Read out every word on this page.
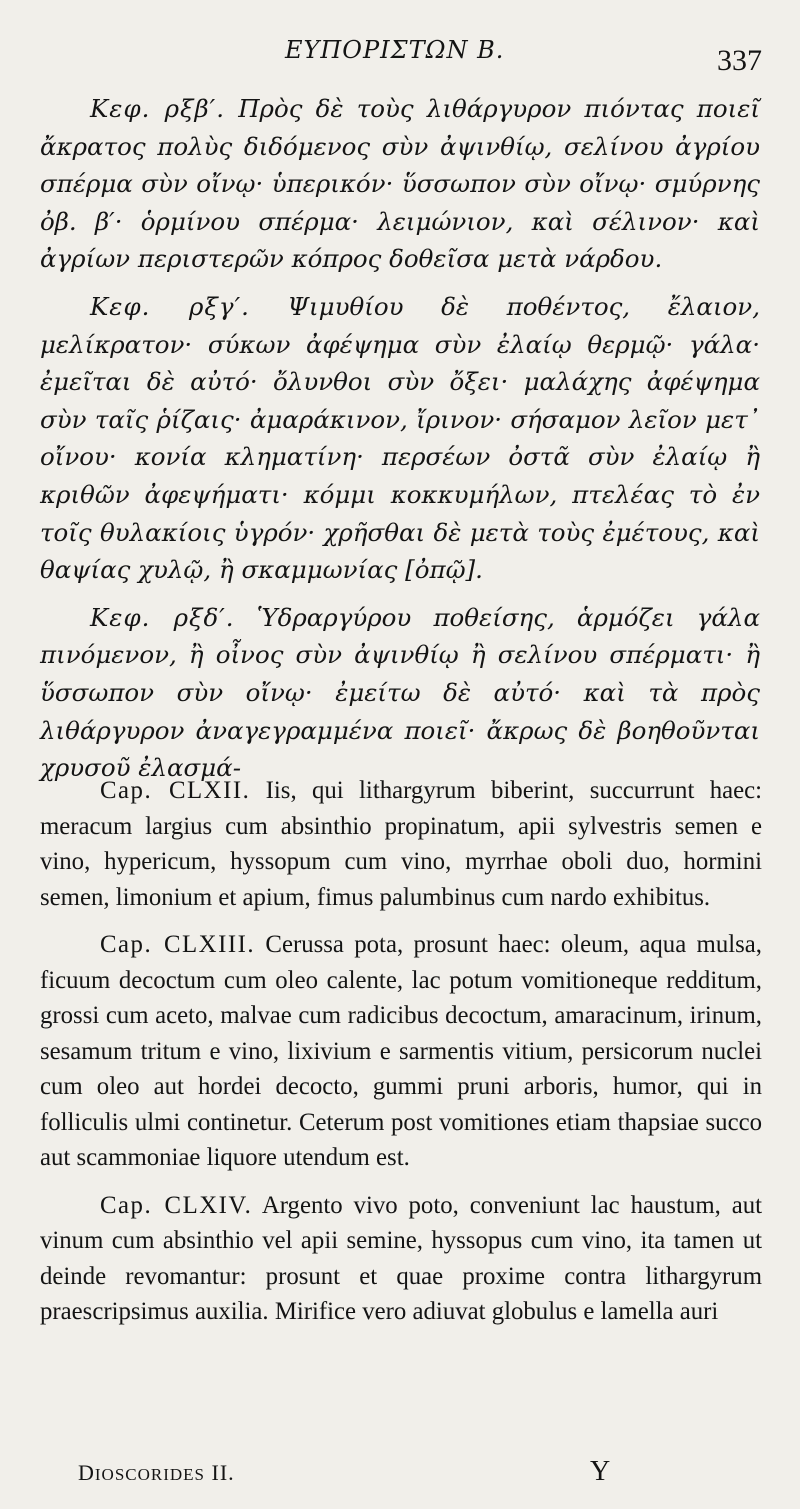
ΕΥΠΟΡΙΣΤΩΝ Β.	337

Κεφ. ρξβ′. Πρὸς δὲ τοὺς λιθάργυρον πιόντας ποιεῖ ἄκρατος πολὺς διδόμενος σὺν ἀψινθίῳ, σελίνου ἀγρίου σπέρμα σὺν οἴνῳ· ὑπερικόν· ὕσσωπον σὺν οἴνῳ· σμύρνης ὀβ. β′· ὁρμίνου σπέρμα· λειμώνιον, καὶ σέλινον· καὶ ἀγρίων περιστερῶν κόπρος δοθεῖσα μετὰ νάρδου.

Κεφ. ρξγ′. Ψιμυθίου δὲ ποθέντος, ἔλαιον, μελίκρατον· σύκων ἀφέψημα σὺν ἐλαίῳ θερμῷ· γάλα· ἐμεῖται δὲ αὐτό· ὄλυνθοι σὺν ὄξει· μαλάχης ἀφέψημα σὺν ταῖς ῥίζαις· ἀμαράκινον, ἴρινον· σήσαμον λεῖον μετ᾽ οἴνου· κονία κληματίνη· περσέων ὀστᾶ σὺν ἐλαίῳ ἢ κριθῶν ἀφεψήματι· κόμμι κοκκυμήλων, πτελέας τὸ ἐν τοῖς θυλακίοις ὑγρόν· χρῆσθαι δὲ μετὰ τοὺς ἐμέτους, καὶ θαψίας χυλῷ, ἢ σκαμμωνίας [ὀπῷ].

Κεφ. ρξδ′. Ὑδραργύρου ποθείσης, ἁρμόζει γάλα πινόμενον, ἢ οἶνος σὺν ἀψινθίῳ ἢ σελίνου σπέρματι· ἢ ὕσσωπον σὺν οἴνῳ· ἐμείτω δὲ αὐτό· καὶ τὰ πρὸς λιθάργυρον ἀναγεγραμμένα ποιεῖ· ἄκρως δὲ βοηθοῦνται χρυσοῦ ἐλασμά-

Cap. CLXII. Iis, qui lithargyrum biberint, succurrunt haec: meracum largius cum absinthio propinatum, apii sylvestris semen e vino, hypericum, hyssopum cum vino, myrrhae oboli duo, hormini semen, limonium et apium, fimus palumbinus cum nardo exhibitus.

Cap. CLXIII. Cerussa pota, prosunt haec: oleum, aqua mulsa, ficuum decoctum cum oleo calente, lac potum vomitioneque redditum, grossi cum aceto, malvae cum radicibus decoctum, amaracinum, irinum, sesamum tritum e vino, lixivium e sarmentis vitium, persicorum nuclei cum oleo aut hordei decocto, gummi pruni arboris, humor, qui in folliculis ulmi continetur. Ceterum post vomitiones etiam thapsiae succo aut scammoniae liquore utendum est.

Cap. CLXIV. Argento vivo poto, conveniunt lac haustum, aut vinum cum absinthio vel apii semine, hyssopus cum vino, ita tamen ut deinde revomantur: prosunt et quae proxime contra lithargyrum praescripsimus auxilia. Mirifice vero adiuvat globulus e lamella auri

DIOSCORIDES II.	Y
